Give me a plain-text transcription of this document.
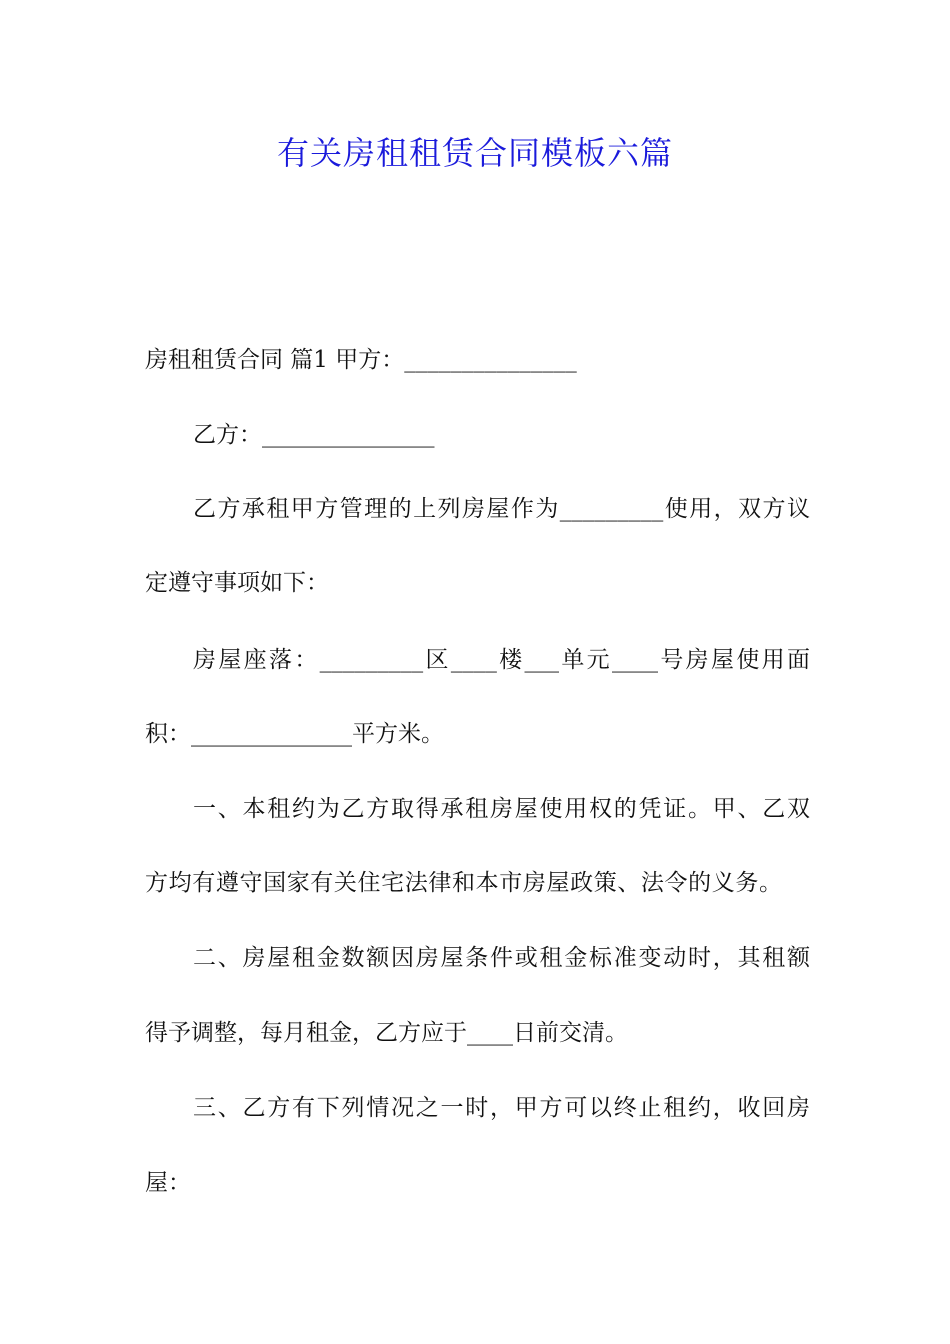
有关房租租赁合同模板六篇
房租租赁合同 篇1 甲方：_______________
乙方：_______________
乙方承租甲方管理的上列房屋作为_________使用，双方议
定遵守事项如下：
房屋座落：_________区____楼___单元____号房屋使用面
积：______________平方米。
一、本租约为乙方取得承租房屋使用权的凭证。甲、乙双
方均有遵守国家有关住宅法律和本市房屋政策、法令的义务。
二、房屋租金数额因房屋条件或租金标准变动时，其租额
得予调整，每月租金，乙方应于____日前交清。
三、乙方有下列情况之一时，甲方可以终止租约，收回房
屋：
